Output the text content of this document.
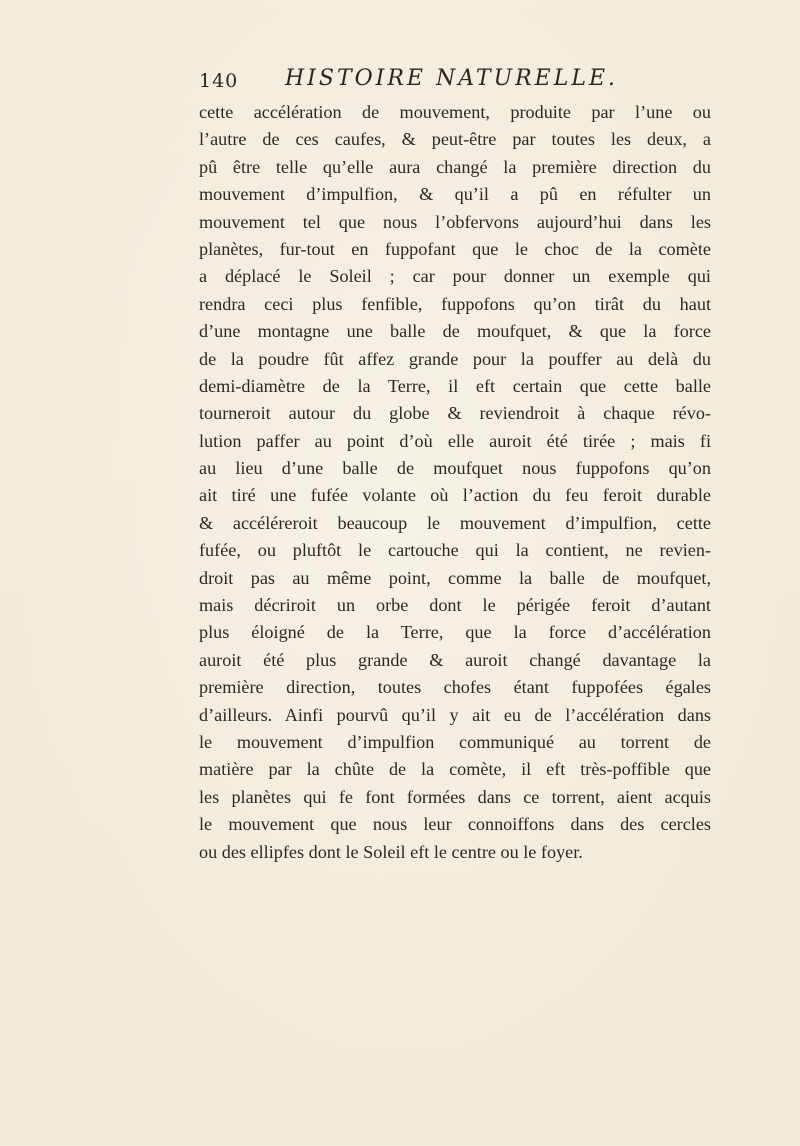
140 HISTOIRE NATURELLE.
cette accélération de mouvement, produite par l’une ou
l’autre de ces caufes, & peut-être par toutes les deux, a
pû être telle qu’elle aura changé la première direction du
mouvement d’impulfion, & qu’il a pû en réfulter un
mouvement tel que nous l’obfervons aujourd’hui dans les
planètes, fur-tout en fuppofant que le choc de la comète
a déplacé le Soleil ; car pour donner un exemple qui
rendra ceci plus fenfible, fuppofons qu’on tirât du haut
d’une montagne une balle de moufquet, & que la force
de la poudre fût affez grande pour la pouffer au delà du
demi-diamètre de la Terre, il eft certain que cette balle
tourneroit autour du globe & reviendroit à chaque révo-
lution paffer au point d’où elle auroit été tirée ; mais fi
au lieu d’une balle de moufquet nous fuppofons qu’on
ait tiré une fufée volante où l’action du feu feroit durable
& accéléreroit beaucoup le mouvement d’impulfion, cette
fufée, ou pluftôt le cartouche qui la contient, ne revien-
droit pas au même point, comme la balle de moufquet,
mais décriroit un orbe dont le périgée feroit d’autant
plus éloigné de la Terre, que la force d’accélération
auroit été plus grande & auroit changé davantage la
première direction, toutes chofes étant fuppofées égales
d’ailleurs. Ainfi pourvû qu’il y ait eu de l’accélération dans
le mouvement d’impulfion communiqué au torrent de
matière par la chûte de la comète, il eft très-poffible que
les planètes qui fe font formées dans ce torrent, aient acquis
le mouvement que nous leur connoiffons dans des cercles
ou des ellipfes dont le Soleil eft le centre ou le foyer.
